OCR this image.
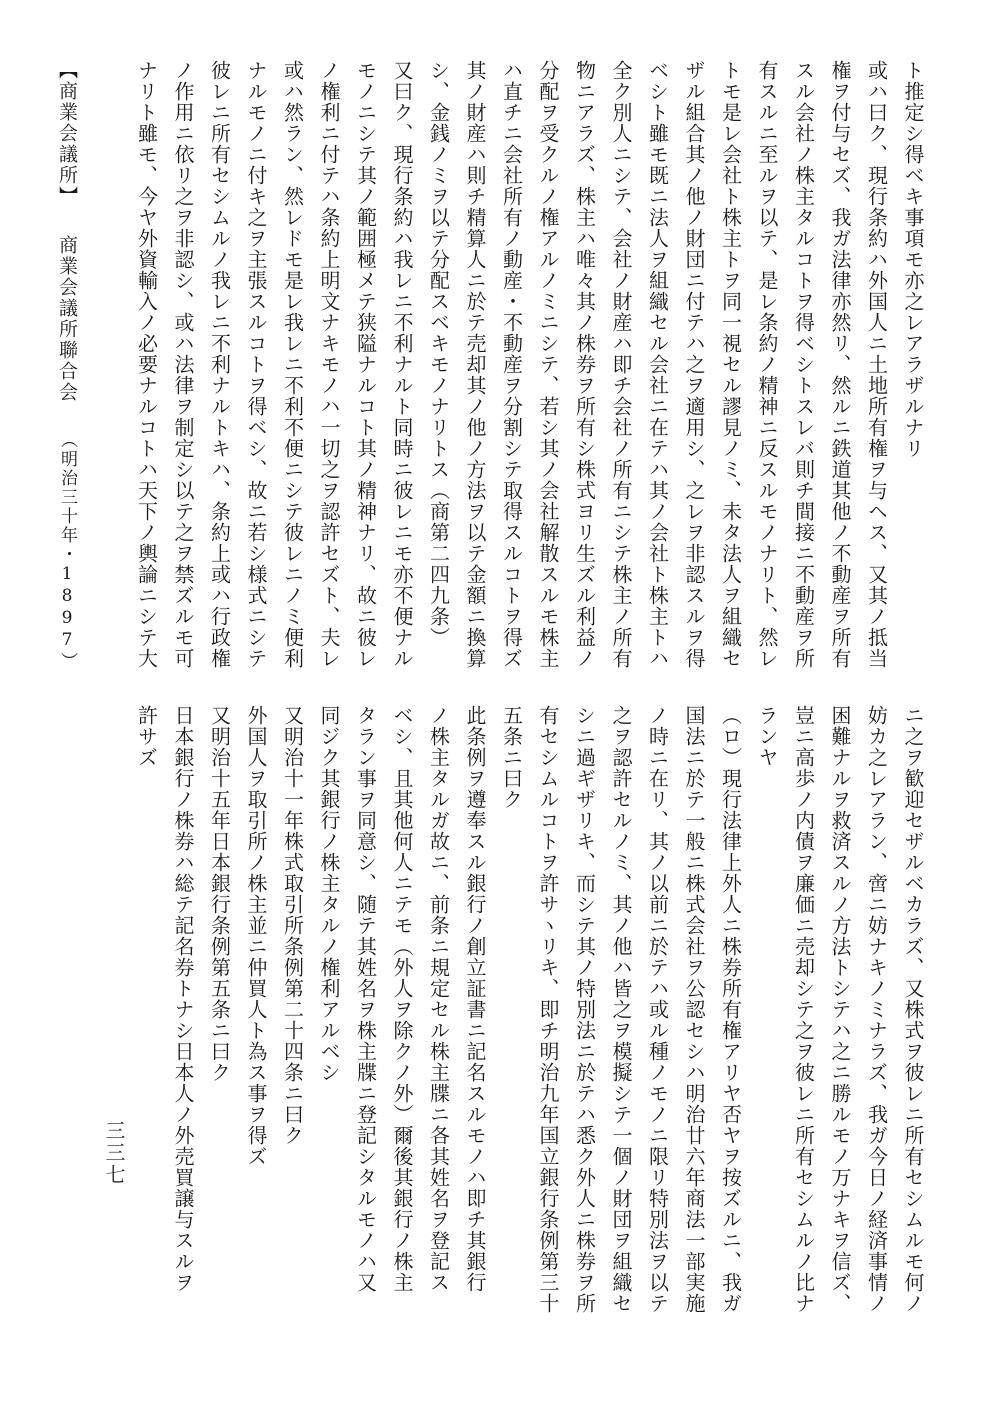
ト推定シ得ベキ事項モ亦之レアラザルナリ
或ハ曰ク、現行条約ハ外国人ニ土地所有権ヲ与ヘス、又其ノ抵当
権ヲ付与セズ、我ガ法律亦然リ、然ルニ鉄道其他ノ不動産ヲ所有
スル会社ノ株主タルコトヲ得ベシトスレバ則チ間接ニ不動産ヲ所
有スルニ至ルヲ以テ、是レ条約ノ精神ニ反スルモノナリト、然レ
トモ是レ会社ト株主トヲ同一視セル謬見ノミ、未タ法人ヲ組織セ
ザル組合其ノ他ノ財団ニ付テハ之ヲ適用シ、之レヲ非認スルヲ得
ベシト雖モ既ニ法人ヲ組織セル会社ニ在テハ其ノ会社ト株主トハ
全ク別人ニシテ、会社ノ財産ハ即チ会社ノ所有ニシテ株主ノ所有
物ニアラズ、株主ハ唯々其ノ株券ヲ所有シ株式ヨリ生ズル利益ノ
分配ヲ受クルノ権アルノミニシテ、若シ其ノ会社解散スルモ株主
ハ直チニ会社所有ノ動産・不動産ヲ分割シテ取得スルコトヲ得ズ
其ノ財産ハ則チ精算人ニ於テ売却其ノ他ノ方法ヲ以テ金額ニ換算
シ、金銭ノミヲ以テ分配スベキモノナリトス（商第二四九条）
又曰ク、現行条約ハ我レニ不利ナルト同時ニ彼レニモ亦不便ナル
モノニシテ其ノ範囲極メテ狭隘ナルコト其ノ精神ナリ、故ニ彼レ
ノ権利ニ付テハ条約上明文ナキモノハ一切之ヲ認許セズト、夫レ
或ハ然ラン、然レドモ是レ我レニ不利不便ニシテ彼レニノミ便利
ナルモノニ付キ之ヲ主張スルコトヲ得ベシ、故ニ若シ様式ニシテ
彼レニ所有セシムルノ我レニ不利ナルトキハ、条約上或ハ行政権
ノ作用ニ依リ之ヲ非認シ、或ハ法律ヲ制定シ以テ之ヲ禁ズルモ可
ナリト雖モ、今ヤ外資輸入ノ必要ナルコトハ天下ノ輿論ニシテ大
ニ之ヲ歓迎セザルベカラズ、又株式ヲ彼レニ所有セシムルモ何ノ
妨カ之レアラン、啻ニ妨ナキノミナラズ、我ガ今日ノ経済事情ノ
困難ナルヲ救済スルノ方法トシテハ之ニ勝ルモノ万ナキヲ信ズ、
豈ニ高歩ノ内債ヲ廉価ニ売却シテ之ヲ彼レニ所有セシムルノ比ナ
ランヤ
（ロ）現行法律上外人ニ株券所有権アリヤ否ヤヲ按ズルニ、我ガ
国法ニ於テ一般ニ株式会社ヲ公認セシハ明治廿六年商法一部実施
ノ時ニ在リ、其ノ以前ニ於テハ或ル種ノモノニ限リ特別法ヲ以テ
之ヲ認許セルノミ、其ノ他ハ皆之ヲ模擬シテ一個ノ財団ヲ組織セ
シニ過ギザリキ、而シテ其ノ特別法ニ於テハ悉ク外人ニ株券ヲ所
有セシムルコトヲ許サヽリキ、即チ明治九年国立銀行条例第三十
五条ニ曰ク
此条例ヲ遵奉スル銀行ノ創立証書ニ記名スルモノハ即チ其銀行
ノ株主タルガ故ニ、前条ニ規定セル株主牒ニ各其姓名ヲ登記ス
ベシ、且其他何人ニテモ（外人ヲ除クノ外）爾後其銀行ノ株主
タラン事ヲ同意シ、随テ其姓名ヲ株主牒ニ登記シタルモノハ又
同ジク其銀行ノ株主タルノ権利アルベシ
又明治十一年株式取引所条例第二十四条ニ曰ク
外国人ヲ取引所ノ株主並ニ仲買人ト為ス事ヲ得ズ
又明治十五年日本銀行条例第五条ニ曰ク
日本銀行ノ株券ハ総テ記名券トナシ日本人ノ外売買譲与スルヲ
許サズ
【商業会議所】商業会議所聯合会（明治三十年・1897）
三三七
